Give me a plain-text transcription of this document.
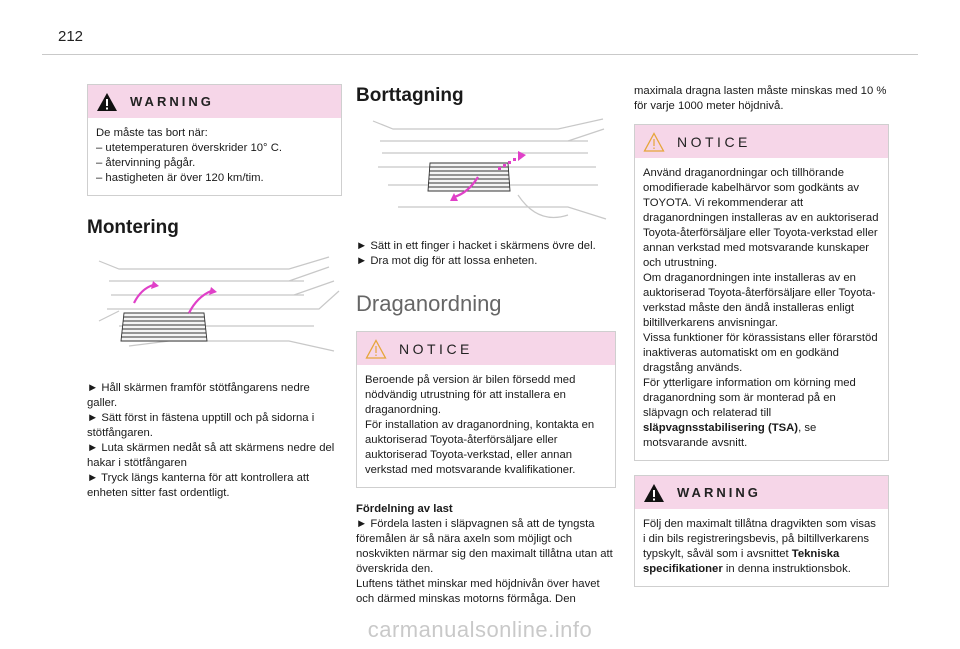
212
WARNING
De måste tas bort när:
– utetemperaturen överskrider 10° C.
– återvinning pågår.
– hastigheten är över 120 km/tim.
Montering
► Håll skärmen framför stötfångarens nedre galler.
► Sätt först in fästena upptill och på sidorna i stötfångaren.
► Luta skärmen nedåt så att skärmens nedre del hakar i stötfångaren
► Tryck längs kanterna för att kontrollera att enheten sitter fast ordentligt.
Borttagning
► Sätt in ett finger i hacket i skärmens övre del.
► Dra mot dig för att lossa enheten.
Draganordning
NOTICE
Beroende på version är bilen försedd med nödvändig utrustning för att installera en draganordning.
För installation av draganordning, kontakta en auktoriserad Toyota-återförsäljare eller auktoriserad Toyota-verkstad, eller annan verkstad med motsvarande kvalifikationer.
Fördelning av last
► Fördela lasten i släpvagnen så att de tyngsta föremålen är så nära axeln som möjligt och noskvikten närmar sig den maximalt tillåtna utan att överskrida den.
Luftens täthet minskar med höjdnivån över havet och därmed minskas motorns förmåga. Den
maximala dragna lasten måste minskas med 10 % för varje 1000 meter höjdnivå.
NOTICE
Använd draganordningar och tillhörande omodifierade kabelhärvor som godkänts av TOYOTA. Vi rekommenderar att draganordningen installeras av en auktoriserad Toyota-återförsäljare eller Toyota-verkstad eller annan verkstad med motsvarande kunskaper och utrustning.
Om draganordningen inte installeras av en auktoriserad Toyota-återförsäljare eller Toyota-verkstad måste den ändå installeras enligt biltillverkarens anvisningar.
Vissa funktioner för körassistans eller förarstöd inaktiveras automatiskt om en godkänd dragstång används.
För ytterligare information om körning med draganordning som är monterad på en släpvagn och relaterad till släpvagnsstabilisering (TSA), se motsvarande avsnitt.
WARNING
Följ den maximalt tillåtna dragvikten som visas i din bils registreringsbevis, på biltillverkarens typskylt, såväl som i avsnittet Tekniska specifikationer in denna instruktionsbok.
carmanualsonline.info
